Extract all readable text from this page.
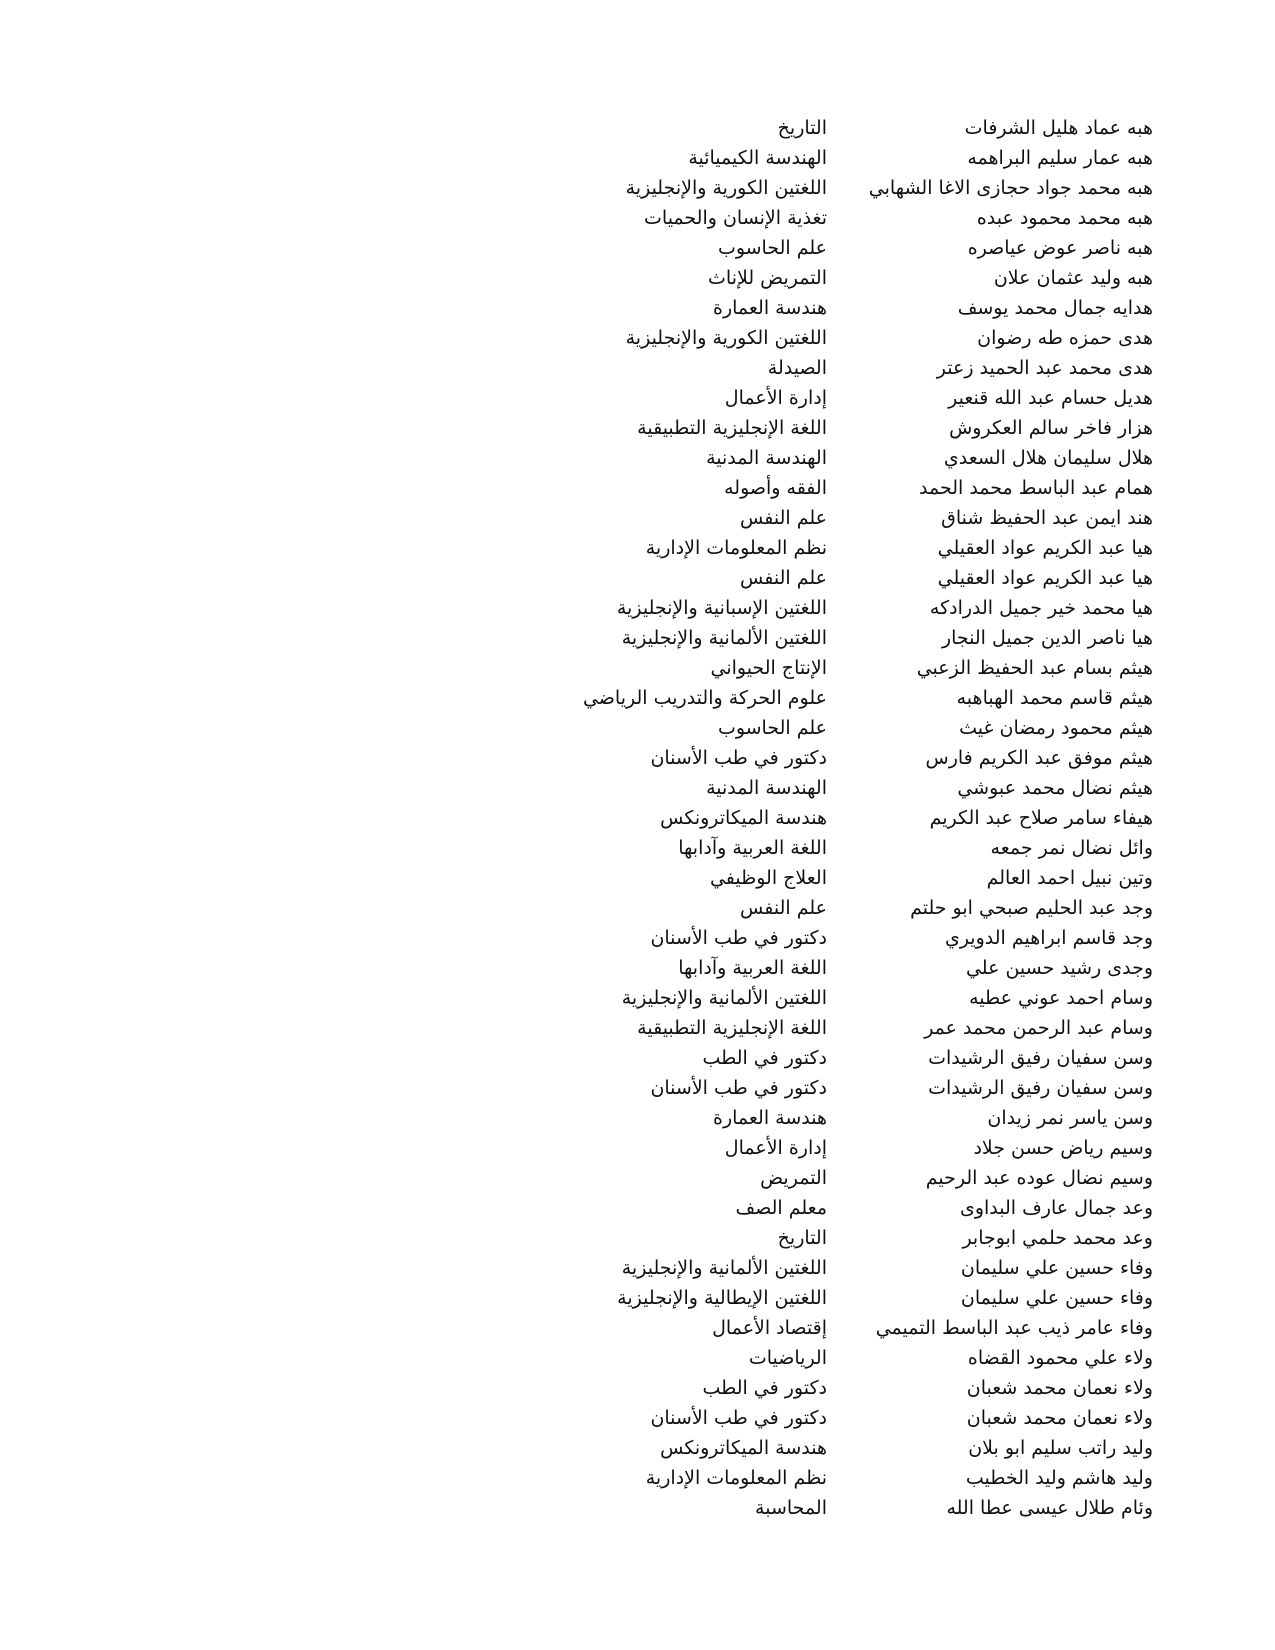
هبه عماد هليل الشرفات
التاريخ
هبه عمار سليم البراهمه
الهندسة الكيميائية
هبه محمد جواد حجازى الاغا الشهابي
اللغتين الكورية والإنجليزية
هبه محمد محمود عبده
تغذية الإنسان والحميات
هبه ناصر عوض عياصره
علم الحاسوب
هبه وليد عثمان علان
التمريض للإناث
هدايه جمال محمد يوسف
هندسة العمارة
هدى حمزه طه رضوان
اللغتين الكورية والإنجليزية
هدى محمد عبد الحميد زعتر
الصيدلة
هديل حسام عبد الله قنعير
إدارة الأعمال
هزار فاخر سالم العكروش
اللغة الإنجليزية التطبيقية
هلال سليمان هلال السعدي
الهندسة المدنية
همام عبد الباسط محمد الحمد
الفقه وأصوله
هند ايمن عبد الحفيظ شناق
علم النفس
هيا عبد الكريم عواد العقيلي
نظم المعلومات الإدارية
هيا عبد الكريم عواد العقيلي
علم النفس
هيا محمد خير جميل الدرادكه
اللغتين الإسبانية والإنجليزية
هيا ناصر الدين جميل النجار
اللغتين الألمانية والإنجليزية
هيثم بسام عبد الحفيظ الزعبي
الإنتاج الحيواني
هيثم قاسم محمد الهباهبه
علوم الحركة والتدريب الرياضي
هيثم محمود رمضان غيث
علم الحاسوب
هيثم موفق عبد الكريم فارس
دكتور في طب الأسنان
هيثم نضال محمد عبوشي
الهندسة المدنية
هيفاء سامر صلاح عبد الكريم
هندسة الميكاترونكس
وائل نضال نمر جمعه
اللغة العربية وآدابها
وتين نبيل احمد العالم
العلاج الوظيفي
وجد عبد الحليم صبحي ابو حلتم
علم النفس
وجد قاسم ابراهيم الدويري
دكتور في طب الأسنان
وجدى رشيد حسين علي
اللغة العربية وآدابها
وسام احمد عوني عطيه
اللغتين الألمانية والإنجليزية
وسام عبد الرحمن محمد عمر
اللغة الإنجليزية التطبيقية
وسن سفيان رفيق الرشيدات
دكتور في الطب
وسن سفيان رفيق الرشيدات
دكتور في طب الأسنان
وسن ياسر نمر زيدان
هندسة العمارة
وسيم رياض حسن جلاد
إدارة الأعمال
وسيم نضال عوده عبد الرحيم
التمريض
وعد جمال عارف البداوى
معلم الصف
وعد محمد حلمي ابوجابر
التاريخ
وفاء حسين علي سليمان
اللغتين الألمانية والإنجليزية
وفاء حسين علي سليمان
اللغتين الإيطالية والإنجليزية
وفاء عامر ذيب عبد الباسط التميمي
إقتصاد الأعمال
ولاء علي محمود القضاه
الرياضيات
ولاء نعمان محمد شعبان
دكتور في الطب
ولاء نعمان محمد شعبان
دكتور في طب الأسنان
وليد راتب سليم ابو بلان
هندسة الميكاترونكس
وليد هاشم وليد الخطيب
نظم المعلومات الإدارية
وئام طلال عيسى عطا الله
المحاسبة
